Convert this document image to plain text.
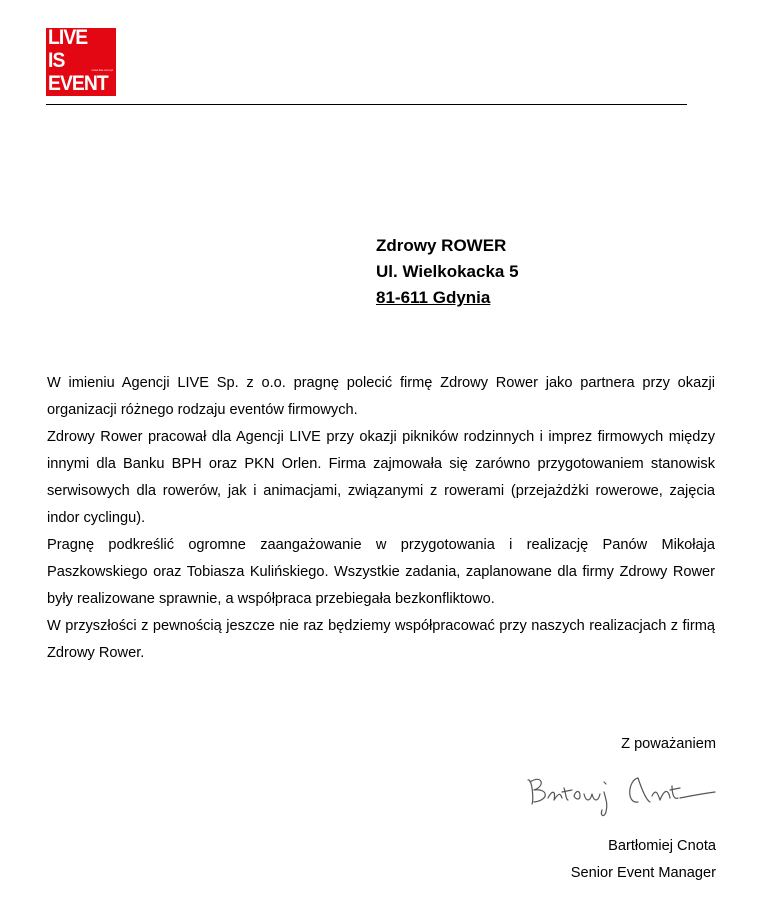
LIVE
IS
EVENT
www.live.com.pl
Zdrowy ROWER
Ul. Wielkokacka 5
81-611 Gdynia

W imieniu Agencji LIVE Sp. z o.o. pragnę polecić firmę Zdrowy Rower jako partnera przy okazji organizacji różnego rodzaju eventów firmowych.

Zdrowy Rower pracował dla Agencji LIVE przy okazji pikników rodzinnych i imprez firmowych między innymi dla Banku BPH oraz PKN Orlen. Firma zajmowała się zarówno przygotowaniem stanowisk serwisowych dla rowerów, jak i animacjami, związanymi z rowerami (przejażdżki rowerowe, zajęcia indor cyclingu).

Pragnę podkreślić ogromne zaangażowanie w przygotowania i realizację Panów Mikołaja Paszkowskiego oraz Tobiasza Kulińskiego. Wszystkie zadania, zaplanowane dla firmy Zdrowy Rower były realizowane sprawnie, a współpraca przebiegała bezkonfliktowo.

W przyszłości z pewnością jeszcze nie raz będziemy współpracować przy naszych realizacjach z firmą Zdrowy Rower.

Z poważaniem
Bartłomiej Cnota
Senior Event Manager
